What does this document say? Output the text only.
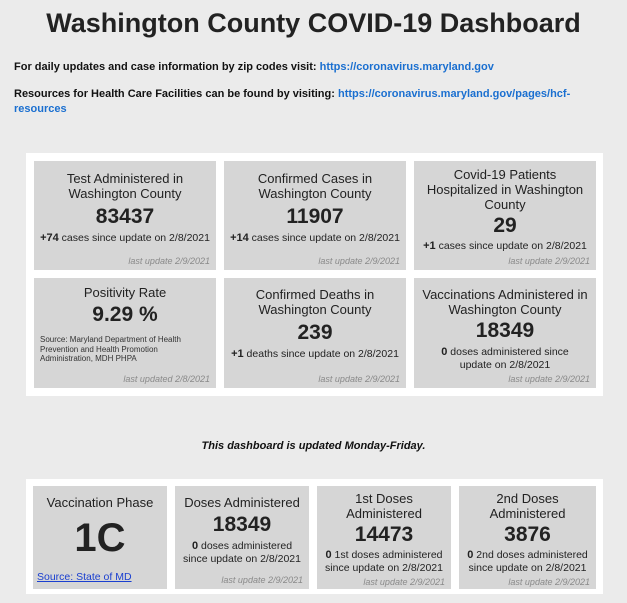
Washington County COVID-19 Dashboard
For daily updates and case information by zip codes visit: https://coronavirus.maryland.gov
Resources for Health Care Facilities can be found by visiting: https://coronavirus.maryland.gov/pages/hcf-resources
Test Administered in Washington County
83437
+74 cases since update on 2/8/2021
last update 2/9/2021
Confirmed Cases in Washington County
11907
+14 cases since update on 2/8/2021
last update 2/9/2021
Covid-19 Patients Hospitalized in Washington County
29
+1 cases since update on 2/8/2021
last update 2/9/2021
Positivity Rate
9.29 %
Source: Maryland Department of Health Prevention and Health Promotion Administration, MDH PHPA
last updated 2/8/2021
Confirmed Deaths in Washington County
239
+1 deaths since update on 2/8/2021
last update 2/9/2021
Vaccinations Administered in Washington County
18349
0 doses administered since update on 2/8/2021
last update 2/9/2021
This dashboard is updated Monday-Friday.
Vaccination Phase
1C
Source: State of MD
Doses Administered
18349
0 doses administered since update on 2/8/2021
last update 2/9/2021
1st Doses Administered
14473
0 1st doses administered since update on 2/8/2021
last update 2/9/2021
2nd Doses Administered
3876
0 2nd doses administered since update on 2/8/2021
last update 2/9/2021
